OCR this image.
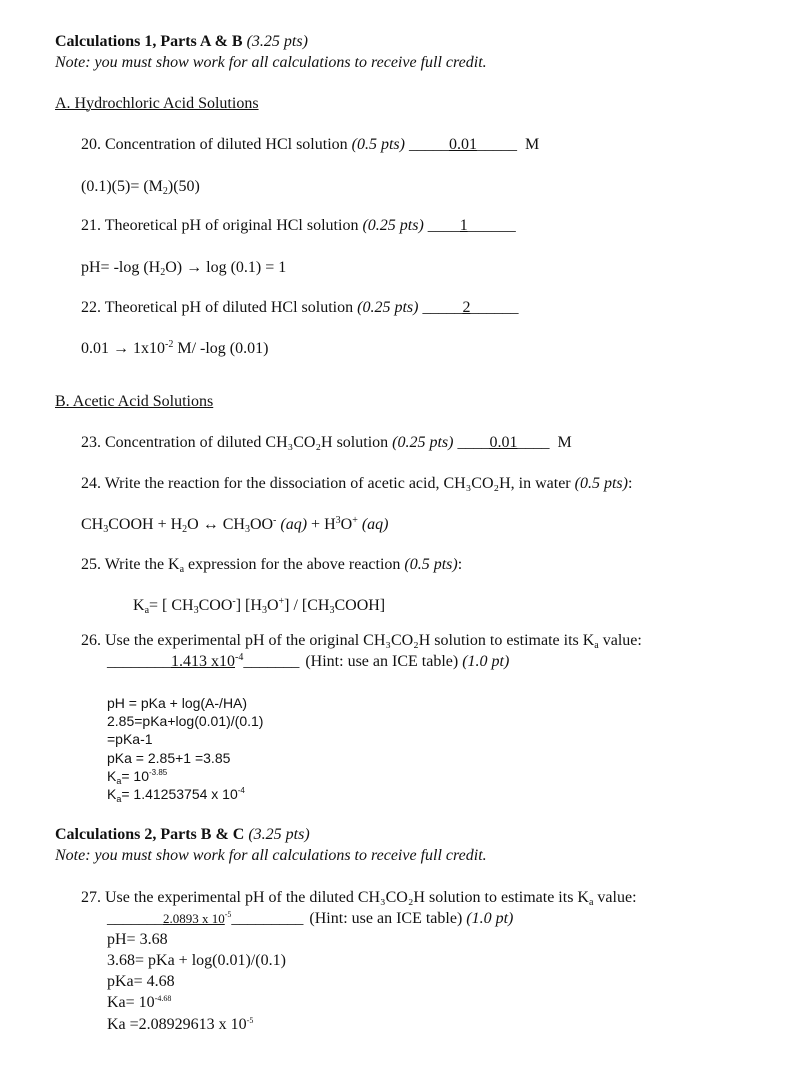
Calculations 1, Parts A & B (3.25 pts)
Note: you must show work for all calculations to receive full credit.
A. Hydrochloric Acid Solutions
20. Concentration of diluted HCl solution (0.5 pts) _____0.01_____ M
$(0.1)(5)= (M_2)(50)$
21. Theoretical pH of original HCl solution (0.25 pts) ____1______
pH= -log $(H_2O) \to \log (0.1) = 1$
22. Theoretical pH of diluted HCl solution (0.25 pts) _____2______
$0.01 \to 1x10^{-2}$ M/ -log (0.01)
B. Acetic Acid Solutions
23. Concentration of diluted CH₃CO₂H solution (0.25 pts) ____0.01____ M
24. Write the reaction for the dissociation of acetic acid, CH₃CO₂H, in water (0.5 pts):
$CH_3COOH + H_2O$ ↔ $CH_3OO^-$ $(aq) + H^3O^+$ (aq)
25. Write the $K_a$ expression for the above reaction (0.5 pts):
$K_a=$ [ $CH_3COO^-$] $[H_3O^+]$ / $[CH_3COOH]$
26. Use the experimental pH of the original CH₃CO₂H solution to estimate its $K_a$ value:
________1.413 $x10^{-4}\_\_\_\_\_\_\_$ (Hint: use an ICE table) (1.0 pt)
pH = pKa + log(A-/HA)
2.85=pKa+log(0.01)/(0.1)
=pKa-1
pKa = 2.85+1 =3.85
$K_a= 10^{-3.85}$
$K_a= 1.41253754$ x $10^{-4}$
Calculations 2, Parts B & C (3.25 pts)
Note: you must show work for all calculations to receive full credit.
27. Use the experimental pH of the diluted CH₃CO₂H solution to estimate its $K_a$ value:
_______2.0893 x $10^{-5}\_\_\_\_\_\_\_\_\_$ (Hint: use an ICE table) (1.0 pt)
pH= 3.68
3.68= pKa + log(0.01)/(0.1)
pKa= 4.68
$Ka= 10^{-4.68}$
Ka =2.08929613 x $10^{-5}$
